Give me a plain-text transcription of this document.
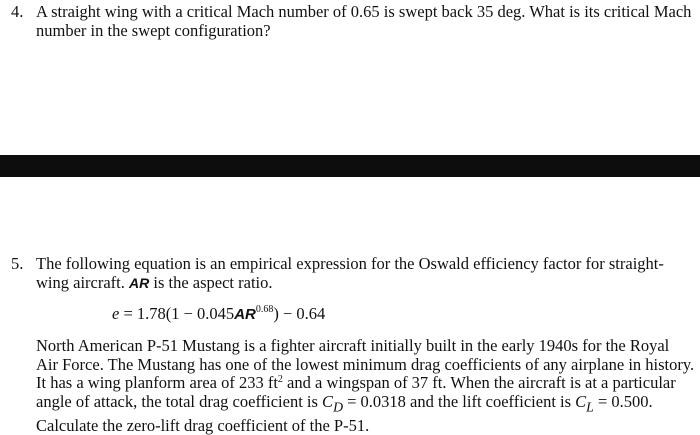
4. A straight wing with a critical Mach number of 0.65 is swept back 35 deg. What is its critical Mach
number in the swept configuration?
5. The following equation is an empirical expression for the Oswald efficiency factor for straight-
wing aircraft. AR is the aspect ratio.
$e = 1.78(1 - 0.045AR^{0.68}) - 0.64$
North American P-51 Mustang is a fighter aircraft initially built in the early 1940s for the Royal
Air Force. The Mustang has one of the lowest minimum drag coefficients of any airplane in history.
It has a wing planform area of 233 $ft^2$ and a wingspan of 37 ft. When the aircraft is at a particular
angle of attack, the total drag coefficient is $C_D = 0.0318$ and the lift coefficient is $C_L = 0.500$.
Calculate the zero-lift drag coefficient of the P-51.
